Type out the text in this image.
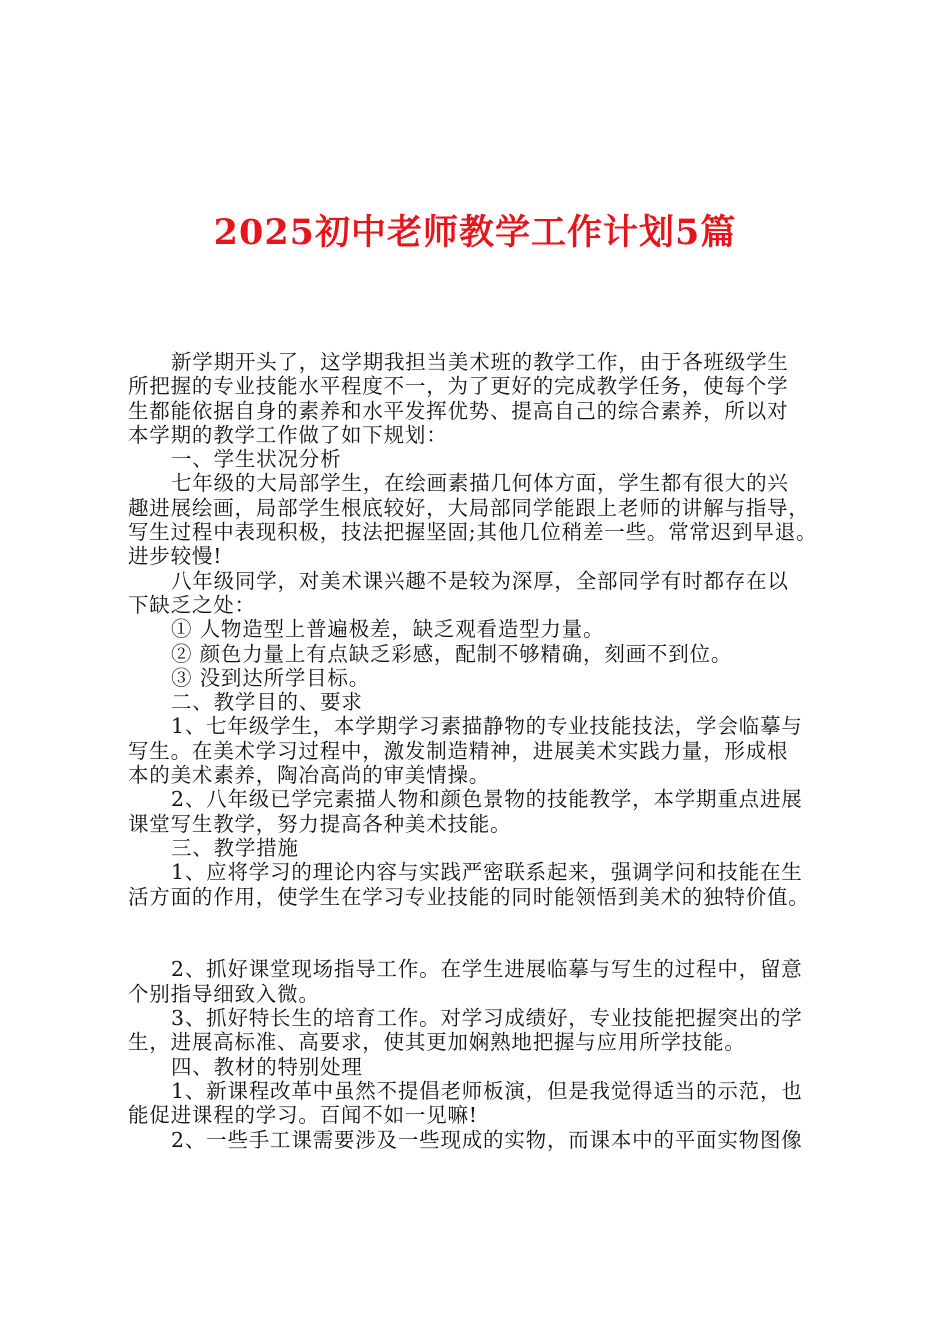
2025初中老师教学工作计划5篇
新学期开头了，这学期我担当美术班的教学工作，由于各班级学生
所把握的专业技能水平程度不一，为了更好的完成教学任务，使每个学
生都能依据自身的素养和水平发挥优势、提高自己的综合素养，所以对
本学期的教学工作做了如下规划：
一、学生状况分析
七年级的大局部学生，在绘画素描几何体方面，学生都有很大的兴
趣进展绘画，局部学生根底较好，大局部同学能跟上老师的讲解与指导，
写生过程中表现积极，技法把握坚固;其他几位稍差一些。常常迟到早退。
进步较慢!
八年级同学，对美术课兴趣不是较为深厚，全部同学有时都存在以
下缺乏之处：
① 人物造型上普遍极差，缺乏观看造型力量。
② 颜色力量上有点缺乏彩感，配制不够精确，刻画不到位。
③ 没到达所学目标。
二、教学目的、要求
1、七年级学生，本学期学习素描静物的专业技能技法，学会临摹与
写生。在美术学习过程中，激发制造精神，进展美术实践力量，形成根
本的美术素养，陶冶高尚的审美情操。
2、八年级已学完素描人物和颜色景物的技能教学，本学期重点进展
课堂写生教学，努力提高各种美术技能。
三、教学措施
1、应将学习的理论内容与实践严密联系起来，强调学问和技能在生
活方面的作用，使学生在学习专业技能的同时能领悟到美术的独特价值。
2、抓好课堂现场指导工作。在学生进展临摹与写生的过程中，留意
个别指导细致入微。
3、抓好特长生的培育工作。对学习成绩好，专业技能把握突出的学
生，进展高标准、高要求，使其更加娴熟地把握与应用所学技能。
四、教材的特别处理
1、新课程改革中虽然不提倡老师板演，但是我觉得适当的示范，也
能促进课程的学习。百闻不如一见嘛!
2、一些手工课需要涉及一些现成的实物，而课本中的平面实物图像
